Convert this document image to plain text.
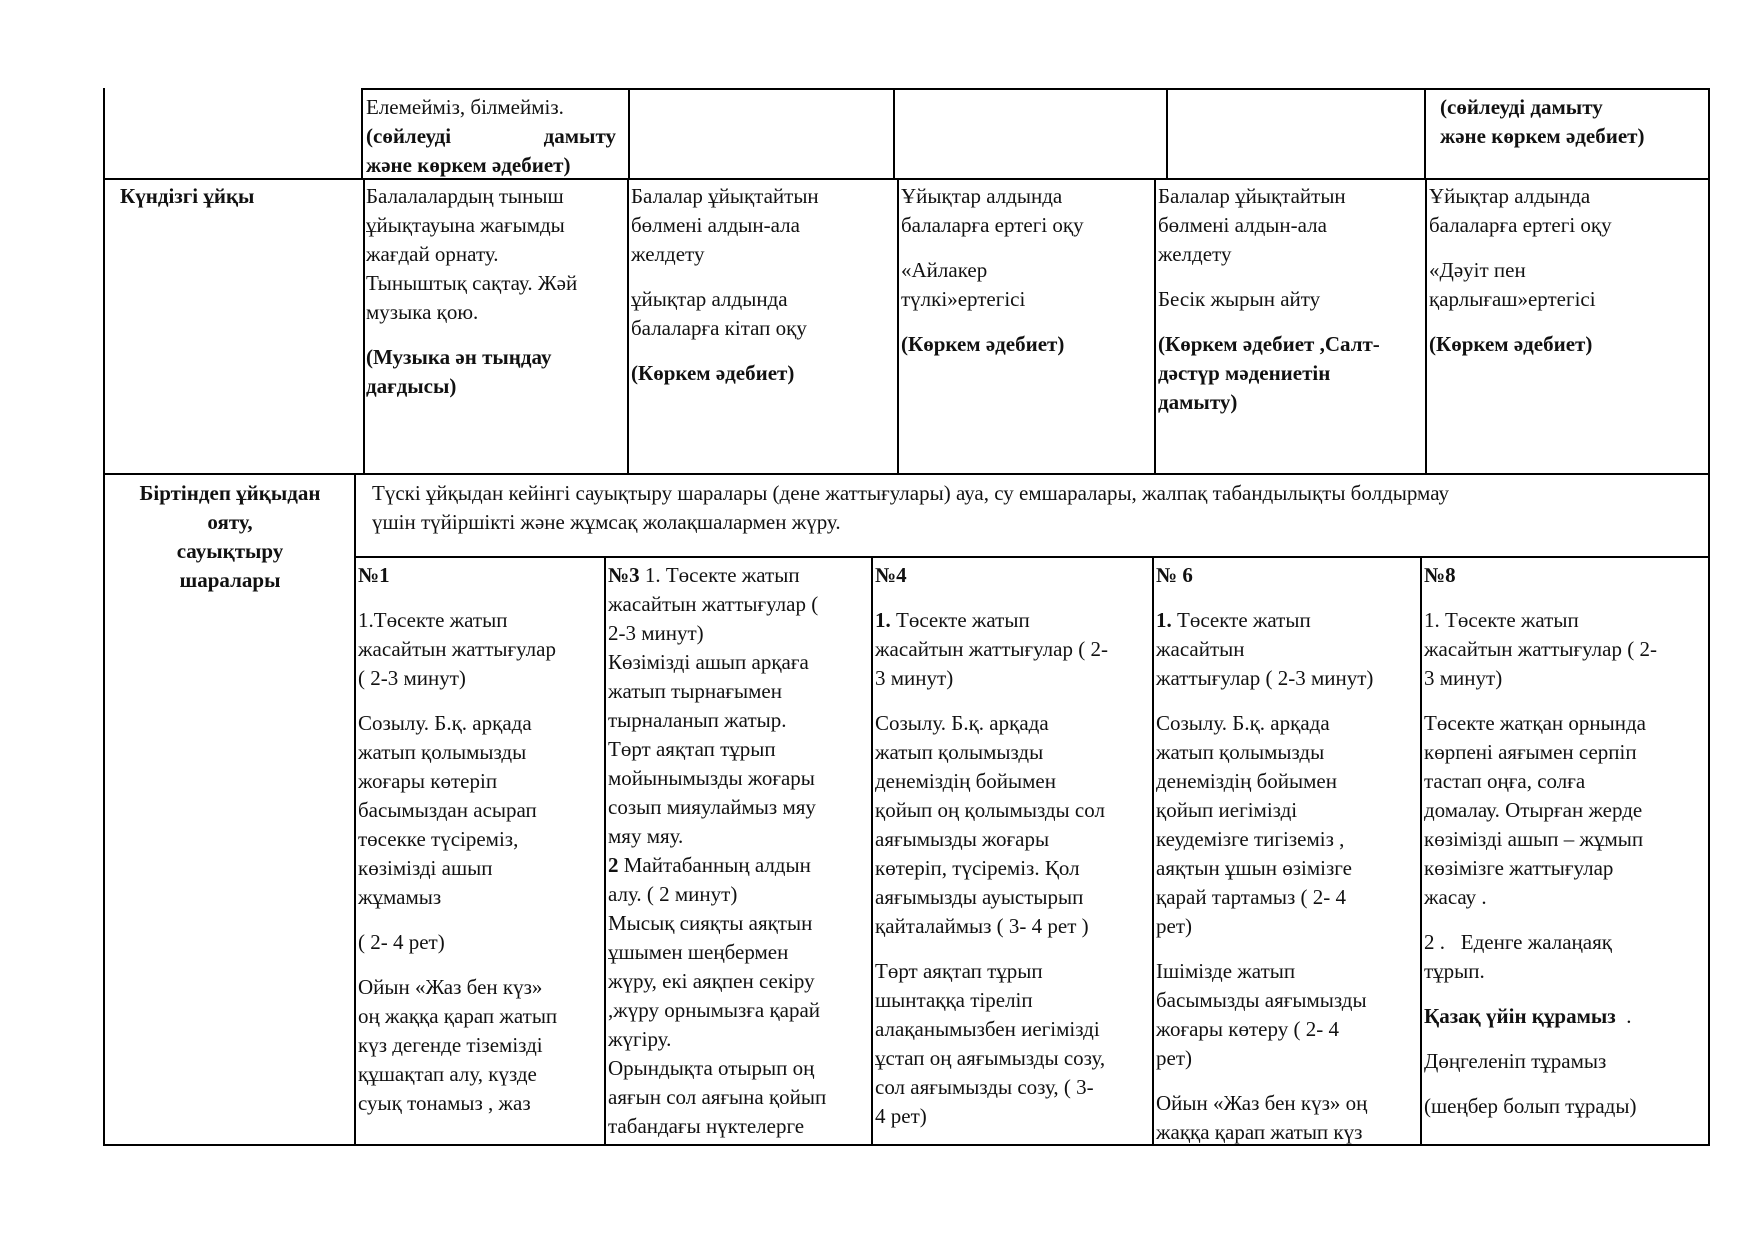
Елемейміз, білмейміз.

(сөйлеуді	дамыту

және көркем әдебиет)

(сөйлеуді дамыту

және көркем әдебиет)

Күндізгі ұйқы	Балалалардың тыныш

ұйықтауына жағымды

жағдай орнату.

Тыныштық сақтау. Жәй

музыка қою.

(Музыка ән тыңдау

дағдысы)

Балалар ұйықтайтын

бөлмені алдын-ала

желдету

ұйықтар алдында

балаларға кітап оқу

(Көркем әдебиет)

Ұйықтар алдында

балаларға ертегі оқу

«Айлакер

түлкі»ертегісі

(Көркем әдебиет)

Балалар ұйықтайтын

бөлмені алдын-ала

желдету

Бесік жырын айту

(Көркем әдебиет ,Салт-

дәстүр мәдениетін

дамыту)

Ұйықтар алдында

балаларға ертегі оқу

«Дәуіт пен

қарлығаш»ертегісі

(Көркем әдебиет)

Біртіндеп ұйқыдан

ояту,

сауықтыру

шаралары

Түскі ұйқыдан кейінгі сауықтыру шаралары (дене жаттығулары) ауа, су емшаралары, жалпақ табандылықты болдырмау

үшін түйіршікті және жұмсақ жолақшалармен жүру.

№1

1.Төсекте жатып

жасайтын жаттығулар

( 2-3 минут)

Созылу. Б.қ. арқада

жатып қолымызды

жоғары көтеріп

басымыздан асырап

төсекке түсіреміз,

көзімізді ашып

жұмамыз

( 2- 4 рет)

Ойын «Жаз бен күз»

оң жаққа қарап жатып

күз дегенде тіземізді

құшақтап алу, күзде

суық тонамыз , жаз

№3 1. Төсекте жатып

жасайтын жаттығулар (

2-3 минут)

Көзімізді ашып арқаға

жатып тырнағымен

тырналанып жатыр.

Төрт аяқтап тұрып

мойынымызды жоғары

созып мияулаймыз мяу

мяу мяу.

2 Майтабанның алдын

алу. ( 2 минут)

Мысық сияқты аяқтын

ұшымен шеңбермен

жүру, екі аяқпен секіру

,жүру орнымызға қарай

жүгіру.

Орындықта отырып оң

аяғын сол аяғына қойып

табандағы нүктелерге

№4

1. Төсекте жатып

жасайтын жаттығулар ( 2-

3 минут)

Созылу. Б.қ. арқада

жатып қолымызды

денеміздің бойымен

қойып оң қолымызды сол

аяғымызды жоғары

көтеріп, түсіреміз. Қол

аяғымызды ауыстырып

қайталаймыз ( 3- 4 рет )

Төрт аяқтап тұрып

шынтаққа тіреліп

алақанымызбен иегімізді

ұстап оң аяғымызды созу,

сол аяғымызды созу, ( 3-

4 рет)

№ 6

1. Төсекте жатып

жасайтын

жаттығулар ( 2-3 минут)

Созылу. Б.қ. арқада

жатып қолымызды

денеміздің бойымен

қойып иегімізді

кеудемізге тигіземіз ,

аяқтын ұшын өзімізге

қарай тартамыз ( 2- 4

рет)

Ішімізде жатып

басымызды аяғымызды

жоғары көтеру ( 2- 4

рет)

Ойын «Жаз бен күз» оң

жаққа қарап жатып күз

№8

1. Төсекте жатып

жасайтын жаттығулар ( 2-

3 минут)

Төсекте жатқан орнында

көрпені аяғымен серпіп

тастап оңға, солға

домалау. Отырған жерде

көзімізді ашып – жұмып

көзімізге жаттығулар

жасау .

2 .   Еденге жалаңаяқ

тұрып.

Қазақ үйін құрамыз  .

Дөңгеленіп тұрамыз

(шеңбер болып тұрады)
